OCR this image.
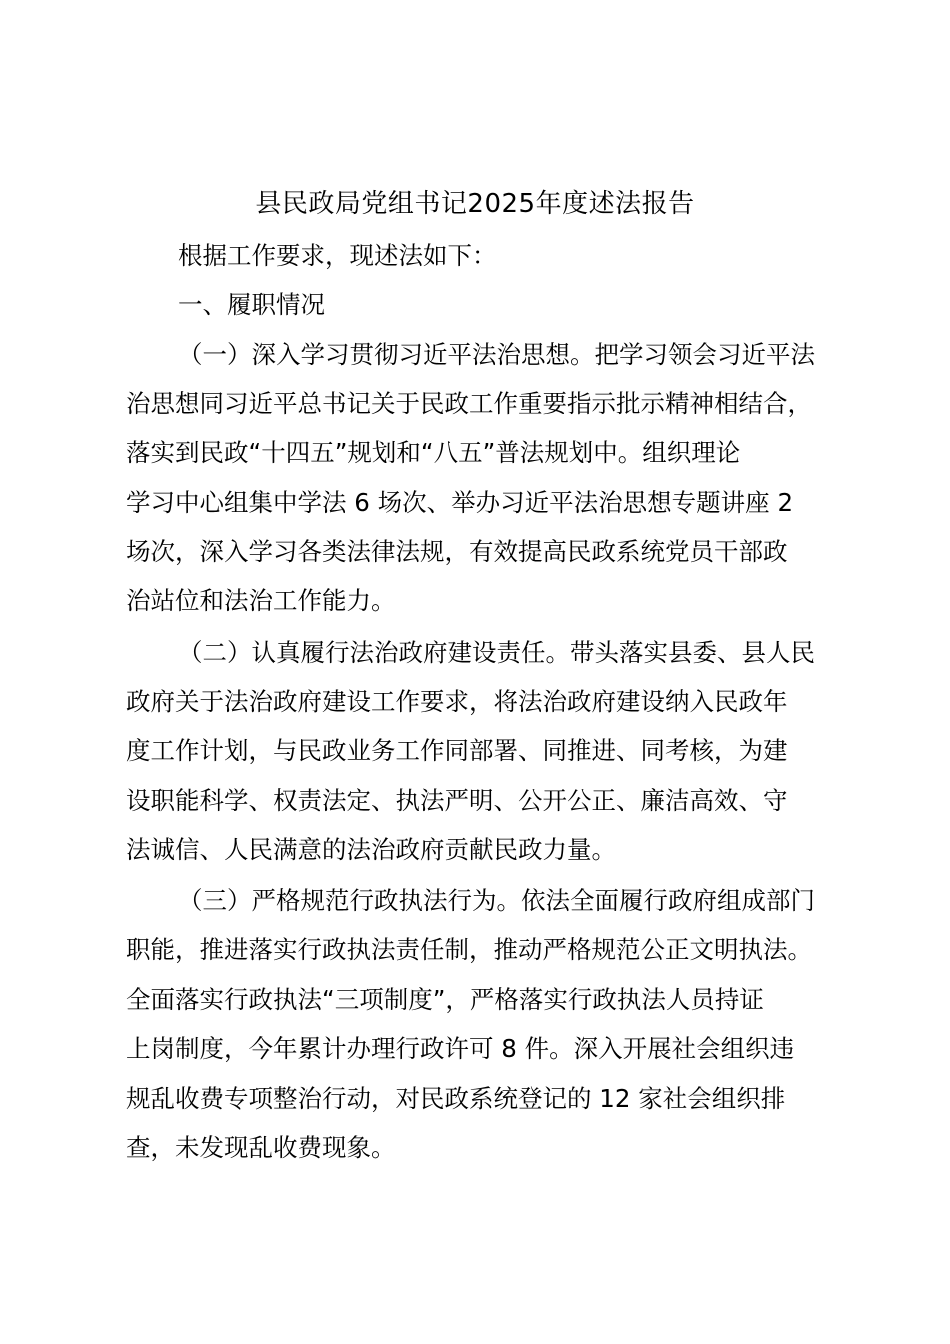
县民政局党组书记2025年度述法报告

根据工作要求，现述法如下：

一、履职情况

（一）深入学习贯彻习近平法治思想。把学习领会习近平法

治思想同习近平总书记关于民政工作重要指示批示精神相结合，

落实到民政“十四五”规划和“八五”普法规划中。组织理论

学习中心组集中学法 6 场次、举办习近平法治思想专题讲座 2

场次，深入学习各类法律法规，有效提高民政系统党员干部政

治站位和法治工作能力。

（二）认真履行法治政府建设责任。带头落实县委、县人民

政府关于法治政府建设工作要求，将法治政府建设纳入民政年

度工作计划，与民政业务工作同部署、同推进、同考核，为建

设职能科学、权责法定、执法严明、公开公正、廉洁高效、守

法诚信、人民满意的法治政府贡献民政力量。

（三）严格规范行政执法行为。依法全面履行政府组成部门

职能，推进落实行政执法责任制，推动严格规范公正文明执法。

全面落实行政执法“三项制度”，严格落实行政执法人员持证

上岗制度，今年累计办理行政许可 8 件。深入开展社会组织违

规乱收费专项整治行动，对民政系统登记的 12 家社会组织排

查，未发现乱收费现象。
